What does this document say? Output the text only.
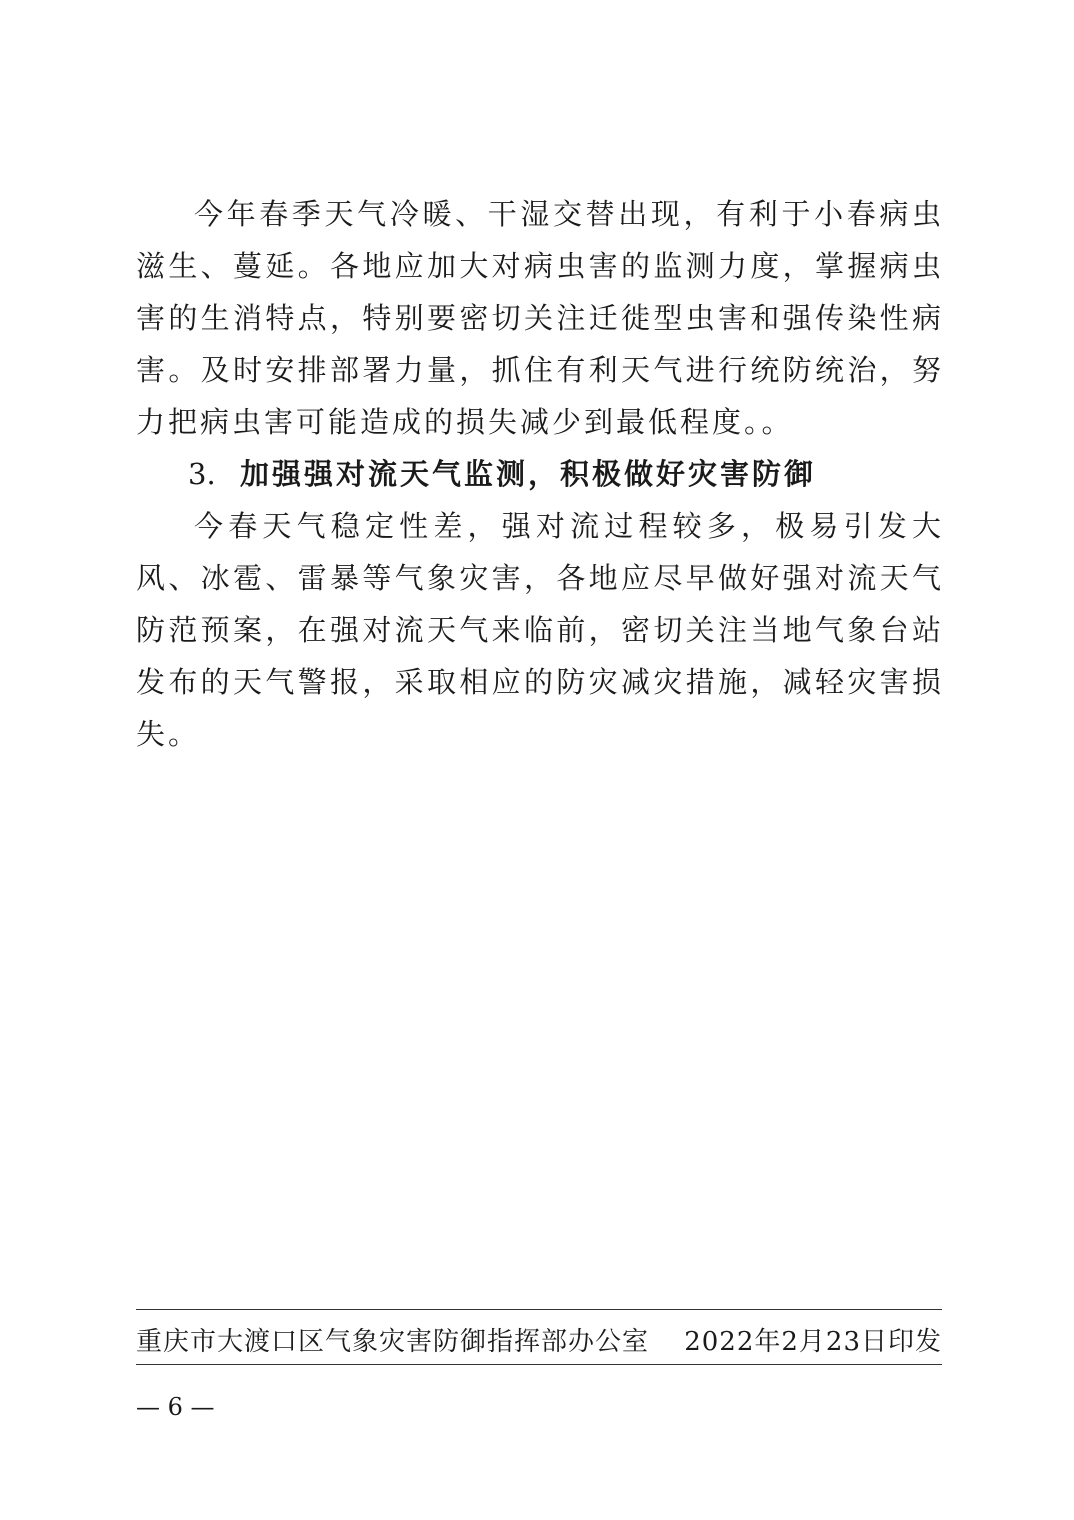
今年春季天气冷暖、干湿交替出现，有利于小春病虫滋生、蔓延。各地应加大对病虫害的监测力度，掌握病虫害的生消特点，特别要密切关注迁徙型虫害和强传染性病害。及时安排部署力量，抓住有利天气进行统防统治，努力把病虫害可能造成的损失减少到最低程度。。

3. 加强强对流天气监测，积极做好灾害防御

今春天气稳定性差，强对流过程较多，极易引发大风、冰雹、雷暴等气象灾害，各地应尽早做好强对流天气防范预案，在强对流天气来临前，密切关注当地气象台站发布的天气警报，采取相应的防灾减灾措施，减轻灾害损失。

重庆市大渡口区气象灾害防御指挥部办公室 2022年2月23日印发
— 6 —
